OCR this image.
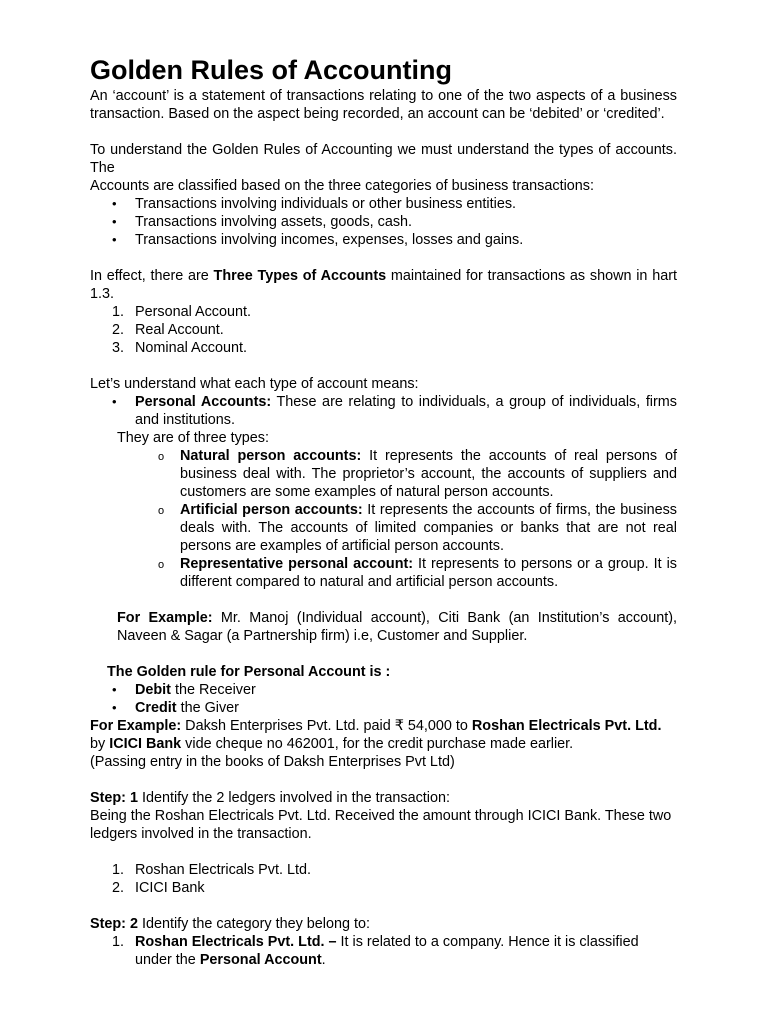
Golden Rules of Accounting

An ‘account’ is a statement of transactions relating to one of the two aspects of a business transaction. Based on the aspect being recorded, an account can be ‘debited’ or ‘credited’.

To understand the Golden Rules of Accounting we must understand the types of accounts. The

Accounts are classified based on the three categories of business transactions:

• Transactions involving individuals or other business entities.
• Transactions involving assets, goods, cash.
• Transactions involving incomes, expenses, losses and gains.

In effect, there are Three Types of Accounts maintained for transactions as shown in hart 1.3.

1. Personal Account.
2. Real Account.
3. Nominal Account.

Let’s understand what each type of account means:

• Personal Accounts: These are relating to individuals, a group of individuals, firms and institutions.

They are of three types:

o Natural person accounts: It represents the accounts of real persons of business deal with. The proprietor’s account, the accounts of suppliers and customers are some examples of natural person accounts.
o Artificial person accounts: It represents the accounts of firms, the business deals with. The accounts of limited companies or banks that are not real persons are examples of artificial person accounts.
o Representative personal account: It represents to persons or a group. It is different compared to natural and artificial person accounts.

For Example: Mr. Manoj (Individual account), Citi Bank (an Institution’s account), Naveen & Sagar (a Partnership firm) i.e, Customer and Supplier.

The Golden rule for Personal Account is :

• Debit the Receiver
• Credit the Giver

For Example: Daksh Enterprises Pvt. Ltd. paid ₹ 54,000 to Roshan Electricals Pvt. Ltd. by ICICI Bank vide cheque no 462001, for the credit purchase made earlier.

(Passing entry in the books of Daksh Enterprises Pvt Ltd)

Step: 1 Identify the 2 ledgers involved in the transaction:

Being the Roshan Electricals Pvt. Ltd. Received the amount through ICICI Bank. These two ledgers involved in the transaction.

1. Roshan Electricals Pvt. Ltd.
2. ICICI Bank

Step: 2 Identify the category they belong to:

1. Roshan Electricals Pvt. Ltd. – It is related to a company. Hence it is classified under the Personal Account.
